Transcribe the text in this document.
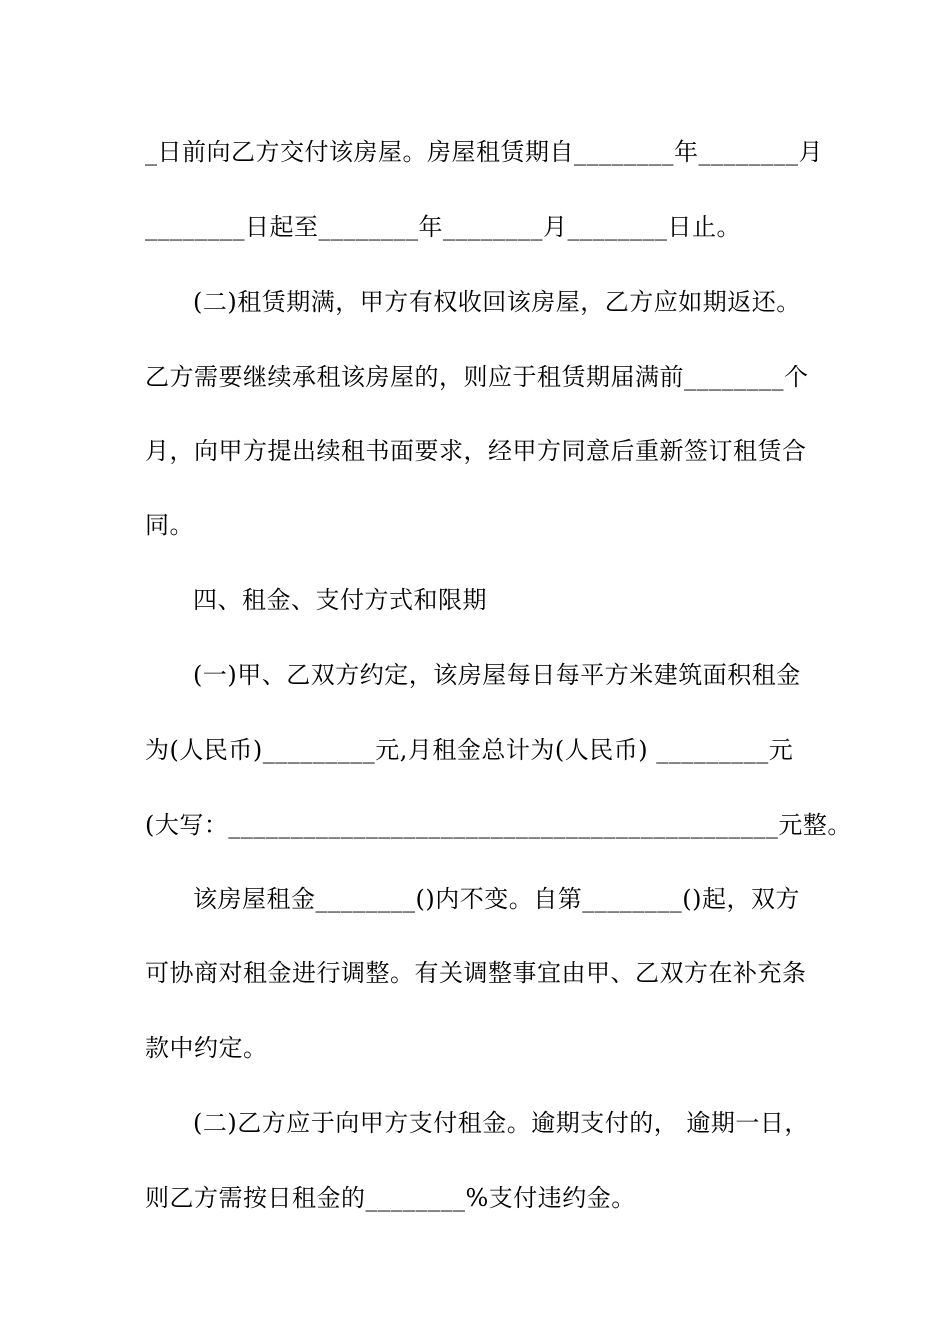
_日前向乙方交付该房屋。房屋租赁期自________年________月
________日起至________年________月________日止。
(二)租赁期满，甲方有权收回该房屋，乙方应如期返还。
乙方需要继续承租该房屋的，则应于租赁期届满前________个
月，向甲方提出续租书面要求，经甲方同意后重新签订租赁合
同。
四、租金、支付方式和限期
(一)甲、乙双方约定，该房屋每日每平方米建筑面积租金
为(人民币)_________元,月租金总计为(人民币) _________元
(大写：____________________________________________元整。
该房屋租金________()内不变。自第________()起，双方
可协商对租金进行调整。有关调整事宜由甲、乙双方在补充条
款中约定。
(二)乙方应于向甲方支付租金。逾期支付的， 逾期一日，
则乙方需按日租金的________%支付违约金。
